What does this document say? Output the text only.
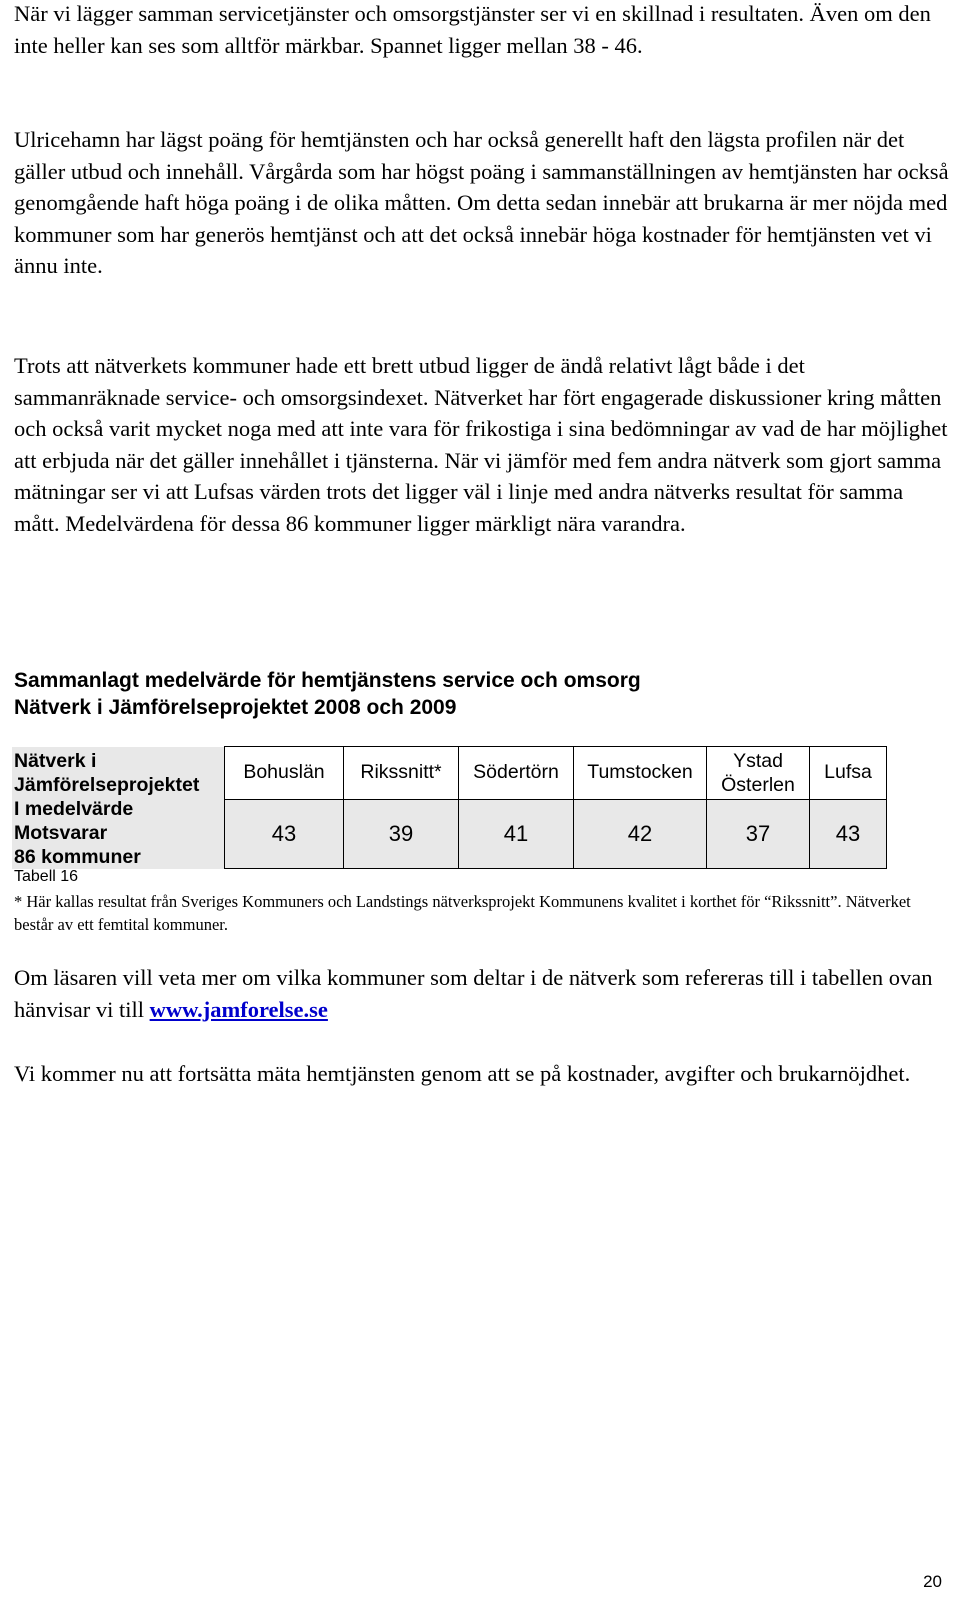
När vi lägger samman servicetjänster och omsorgstjänster ser vi en skillnad i resultaten. Även om den inte heller kan ses som alltför märkbar. Spannet ligger mellan 38 - 46.

Ulricehamn har lägst poäng för hemtjänsten och har också generellt haft den lägsta profilen när det gäller utbud och innehåll. Vårgårda som har högst poäng i sammanställningen av hemtjänsten har också genomgående haft höga poäng i de olika måtten. Om detta sedan innebär att brukarna är mer nöjda med kommuner som har generös hemtjänst och att det också innebär höga kostnader för hemtjänsten vet vi ännu inte.

Trots att nätverkets kommuner hade ett brett utbud ligger de ändå relativt lågt både i det sammanräknade service- och omsorgsindexet. Nätverket har fört engagerade diskussioner kring måtten och också varit mycket noga med att inte vara för frikostiga i sina bedömningar av vad de har möjlighet att erbjuda när det gäller innehållet i tjänsterna. När vi jämför med fem andra nätverk som gjort samma mätningar ser vi att Lufsas värden trots det ligger väl i linje med andra nätverks resultat för samma mått. Medelvärdena för dessa 86 kommuner ligger märkligt nära varandra.

Sammanlagt medelvärde för hemtjänstens service och omsorg

Nätverk i Jämförelseprojektet 2008 och 2009

Nätverk i
Jämförelseprojektet
I medelvärde
Motsvarar
86 kommuner	Bohuslän	Rikssnitt*	Södertörn	Tumstocken	Ystad Österlen	Lufsa
	43	39	41	42	37	43

Tabell 16

* Här kallas resultat från Sveriges Kommuners och Landstings nätverksprojekt Kommunens kvalitet i korthet för “Rikssnitt”. Nätverket består av ett femtital kommuner.

Om läsaren vill veta mer om vilka kommuner som deltar i de nätverk som refereras till i tabellen ovan hänvisar vi till www.jamforelse.se

Vi kommer nu att fortsätta mäta hemtjänsten genom att se på kostnader, avgifter och brukarnöjdhet.

20
